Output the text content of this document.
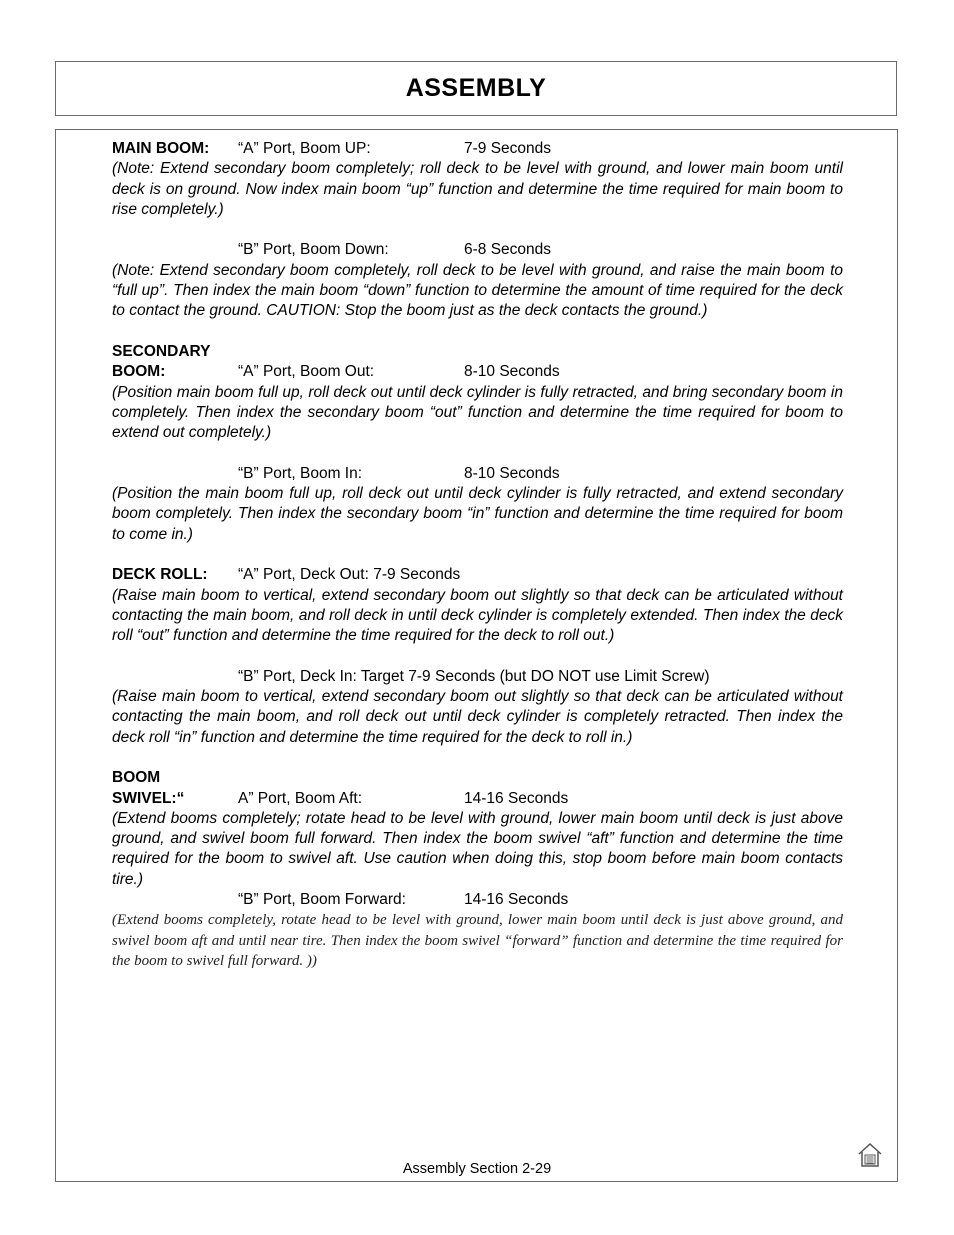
ASSEMBLY
MAIN BOOM: “A” Port, Boom UP:	7-9 Seconds
(Note: Extend secondary boom completely; roll deck to be level with ground, and lower main boom until deck is on ground. Now index main boom “up” function and determine the time required for main boom to rise completely.)
“B” Port, Boom Down:	6-8 Seconds
(Note: Extend secondary boom completely, roll deck to be level with ground, and raise the main boom to “full up”. Then index the main boom “down” function to determine the amount of time required for the deck to contact the ground. CAUTION: Stop the boom just as the deck contacts the ground.)
SECONDARY
BOOM:	“A” Port, Boom Out:	8-10 Seconds
(Position main boom full up, roll deck out until deck cylinder is fully retracted, and bring secondary boom in completely. Then index the secondary boom “out” function and determine the time required for boom to extend out completely.)
“B” Port, Boom In:	8-10 Seconds
(Position the main boom full up, roll deck out until deck cylinder is fully retracted, and extend secondary boom completely. Then index the secondary boom “in” function and determine the time required for boom to come in.)
DECK ROLL: “A” Port, Deck Out: 7-9 Seconds
(Raise main boom to vertical, extend secondary boom out slightly so that deck can be articulated without contacting the main boom, and roll deck in until deck cylinder is completely extended. Then index the deck roll “out” function and determine the time required for the deck to roll out.)
“B” Port, Deck In: Target 7-9 Seconds (but DO NOT use Limit Screw)
(Raise main boom to vertical, extend secondary boom out slightly so that deck can be articulated without contacting the main boom, and roll deck out until deck cylinder is completely retracted. Then index the deck roll “in” function and determine the time required for the deck to roll in.)
BOOM
SWIVEL:“	A” Port, Boom Aft:	14-16 Seconds
(Extend booms completely; rotate head to be level with ground, lower main boom until deck is just above ground, and swivel boom full forward. Then index the boom swivel “aft” function and determine the time required for the boom to swivel aft. Use caution when doing this, stop boom before main boom contacts tire.)
“B” Port, Boom Forward:	14-16 Seconds
(Extend booms completely, rotate head to be level with ground, lower main boom until deck is just above ground, and swivel boom aft and until near tire. Then index the boom swivel “forward” function and determine the time required for the boom to swivel full forward. ))
Assembly Section 2-29
